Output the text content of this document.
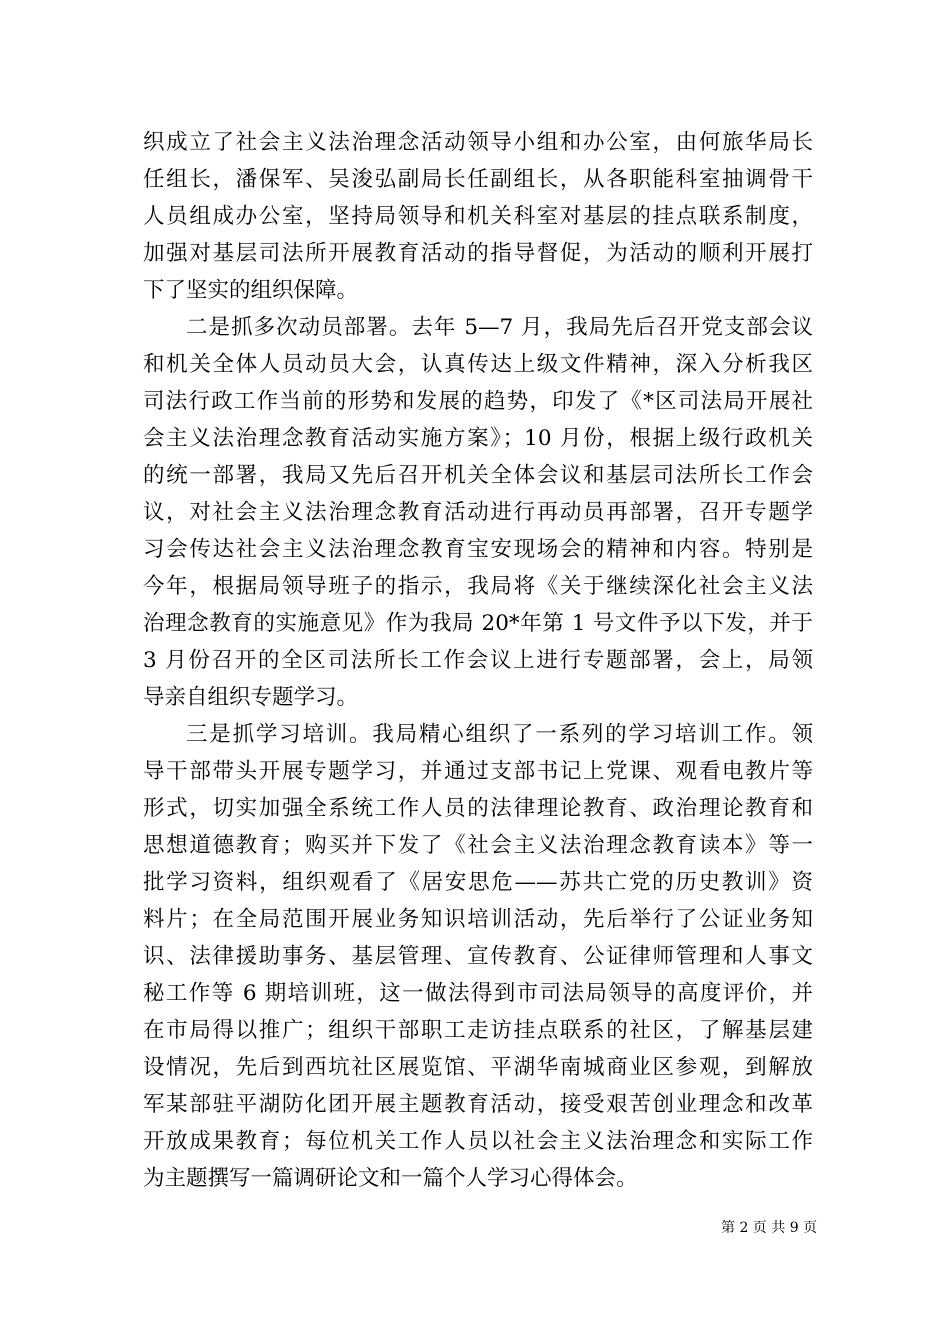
织成立了社会主义法治理念活动领导小组和办公室，由何旅华局长
任组长，潘保军、吴浚弘副局长任副组长，从各职能科室抽调骨干
人员组成办公室，坚持局领导和机关科室对基层的挂点联系制度，
加强对基层司法所开展教育活动的指导督促，为活动的顺利开展打
下了坚实的组织保障。
二是抓多次动员部署。去年 5—7 月，我局先后召开党支部会议
和机关全体人员动员大会，认真传达上级文件精神，深入分析我区
司法行政工作当前的形势和发展的趋势，印发了《*区司法局开展社
会主义法治理念教育活动实施方案》；10 月份，根据上级行政机关
的统一部署，我局又先后召开机关全体会议和基层司法所长工作会
议，对社会主义法治理念教育活动进行再动员再部署，召开专题学
习会传达社会主义法治理念教育宝安现场会的精神和内容。特别是
今年，根据局领导班子的指示，我局将《关于继续深化社会主义法
治理念教育的实施意见》作为我局 20*年第 1 号文件予以下发，并于
3 月份召开的全区司法所长工作会议上进行专题部署，会上，局领
导亲自组织专题学习。
三是抓学习培训。我局精心组织了一系列的学习培训工作。领
导干部带头开展专题学习，并通过支部书记上党课、观看电教片等
形式，切实加强全系统工作人员的法律理论教育、政治理论教育和
思想道德教育；购买并下发了《社会主义法治理念教育读本》等一
批学习资料，组织观看了《居安思危——苏共亡党的历史教训》资
料片；在全局范围开展业务知识培训活动，先后举行了公证业务知
识、法律援助事务、基层管理、宣传教育、公证律师管理和人事文
秘工作等 6 期培训班，这一做法得到市司法局领导的高度评价，并
在市局得以推广；组织干部职工走访挂点联系的社区，了解基层建
设情况，先后到西坑社区展览馆、平湖华南城商业区参观，到解放
军某部驻平湖防化团开展主题教育活动，接受艰苦创业理念和改革
开放成果教育；每位机关工作人员以社会主义法治理念和实际工作
为主题撰写一篇调研论文和一篇个人学习心得体会。
第 2 页 共 9 页
